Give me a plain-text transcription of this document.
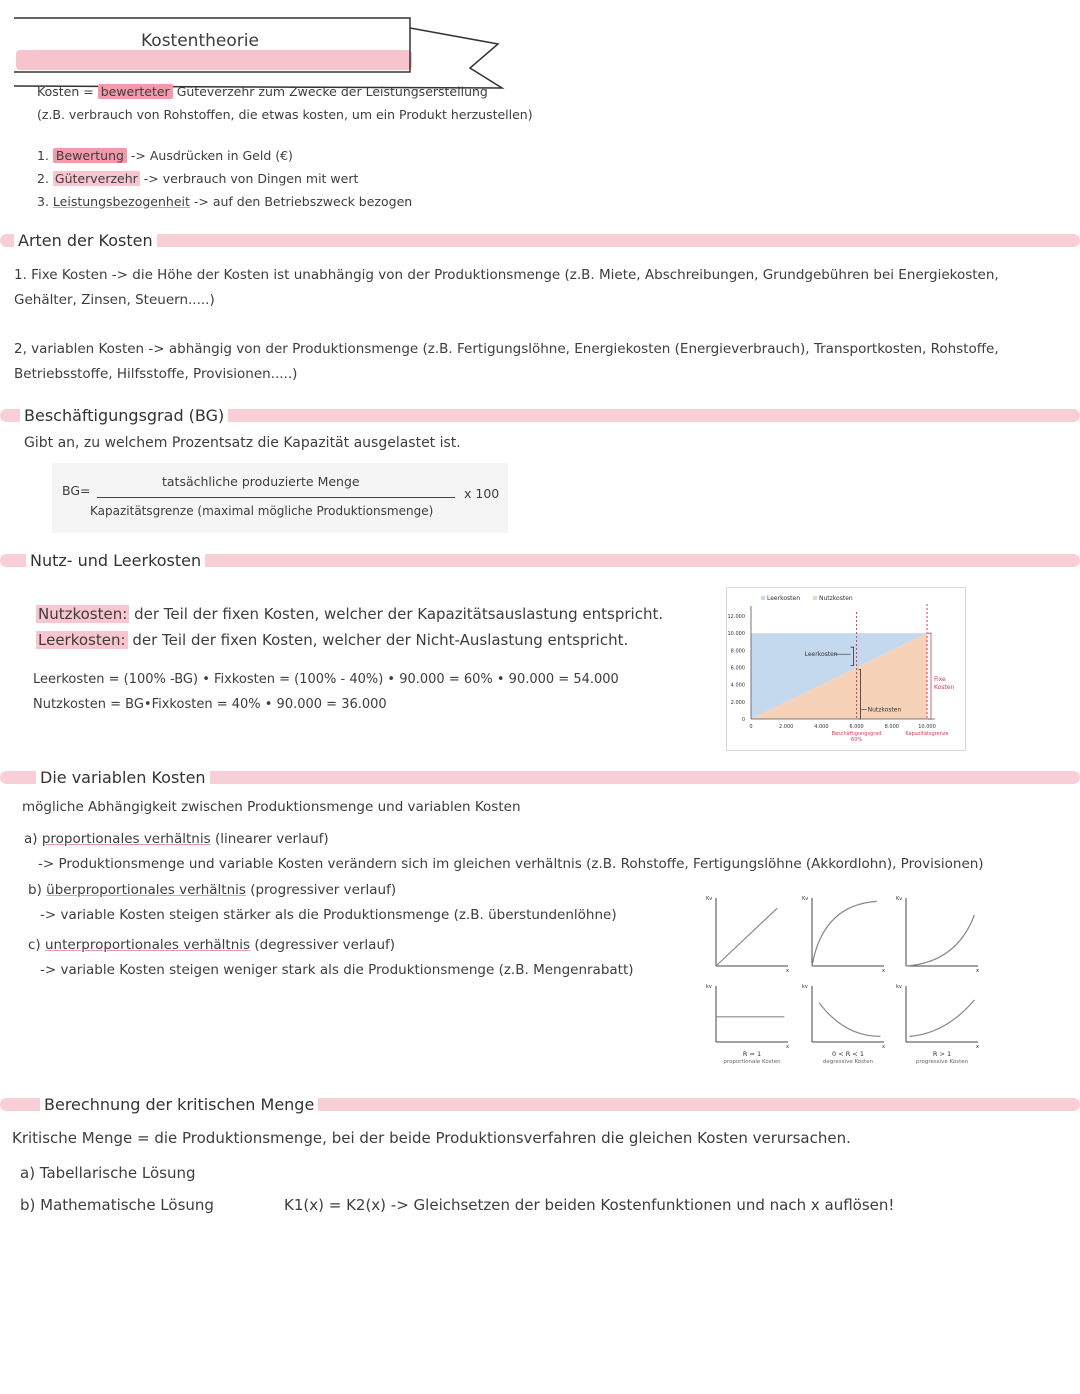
Kostentheorie
Kosten = bewerteter Güteverzehr zum Zwecke der Leistungserstellung
(z.B. verbrauch von Rohstoffen, die etwas kosten, um ein Produkt herzustellen)
1. Bewertung -> Ausdrücken in Geld (€)
2. Güterverzehr -> verbrauch von Dingen mit wert
3. Leistungsbezogenheit -> auf den Betriebszweck bezogen
Arten der Kosten
1. Fixe Kosten -> die Höhe der Kosten ist unabhängig von der Produktionsmenge (z.B. Miete, Abschreibungen, Grundgebühren bei Energiekosten,
Gehälter, Zinsen, Steuern.....)
2, variablen Kosten -> abhängig von der Produktionsmenge (z.B. Fertigungslöhne, Energiekosten (Energieverbrauch), Transportkosten, Rohstoffe,
Betriebsstoffe, Hilfsstoffe, Provisionen.....)
Beschäftigungsgrad (BG)
Gibt an, zu welchem Prozentsatz die Kapazität ausgelastet ist.
BG=
tatsächliche produzierte Menge
Kapazitätsgrenze (maximal mögliche Produktionsmenge)
x 100
Nutz- und Leerkosten
Nutzkosten: der Teil der fixen Kosten, welcher der Kapazitätsauslastung entspricht.
Leerkosten: der Teil der fixen Kosten, welcher der Nicht-Auslastung entspricht.
Leerkosten = (100% -BG) • Fixkosten = (100% - 40%) • 90.000 = 60% • 90.000 = 54.000
Nutzkosten = BG•Fixkosten = 40% • 90.000 = 36.000
0
2.000
4.000
6.000
8.000
10.000
12.000
2.000	4.000	6.000	8.000	10.000
0
Leerkosten	Nutzkosten
Leerkosten
Nutzkosten
Fixe
Kosten
Beschäftigungsgrad
60%
Kapazitätsgrenze
Die variablen Kosten
mögliche Abhängigkeit zwischen Produktionsmenge und variablen Kosten
a) proportionales verhältnis (linearer verlauf)
-> Produktionsmenge und variable Kosten verändern sich im gleichen verhältnis (z.B. Rohstoffe, Fertigungslöhne (Akkordlohn), Provisionen)
b) überproportionales verhältnis (progressiver verlauf)
-> variable Kosten steigen stärker als die Produktionsmenge (z.B. überstundenlöhne)
c) unterproportionales verhältnis (degressiver verlauf)
-> variable Kosten steigen weniger stark als die Produktionsmenge (z.B. Mengenrabatt)
Kv
x
kv
x
R = 1
proportionale Kosten
Kv
x
kv
x
0 < R < 1
degressive Kosten
Kv
x
kv
x
R > 1
progressive Kosten
Berechnung der kritischen Menge
Kritische Menge = die Produktionsmenge, bei der beide Produktionsverfahren die gleichen Kosten verursachen.
a) Tabellarische Lösung
b) Mathematische Lösung	K1(x) = K2(x) -> Gleichsetzen der beiden Kostenfunktionen und nach x auflösen!
